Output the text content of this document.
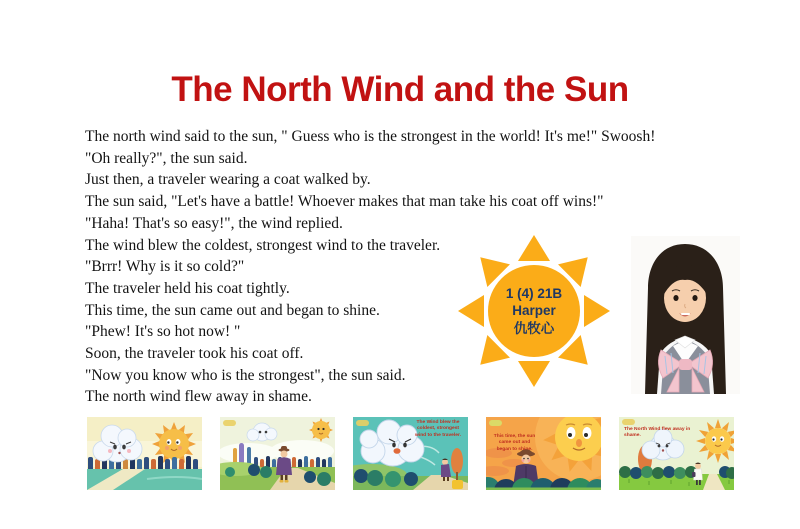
The North Wind and the Sun

The north wind said to the sun, " Guess who is the strongest in the world! It's me!" Swoosh!

"Oh really?", the sun said.

Just then, a traveler wearing a coat walked by.

The sun said, "Let's have a battle! Whoever makes that man take his coat off wins!"

"Haha! That's so easy!", the wind replied.

The wind blew the coldest, strongest wind to the traveler.

"Brrr! Why is it so cold?"

The traveler held his coat tightly.

This time, the sun came out and began to shine.

"Phew! It's so hot now! "

Soon, the traveler took his coat off.

"Now you know who is the strongest", the sun said.

The north wind flew away in shame.

1 (4) 21B
Harper
仇牧心
The Wind blew the coldest, strongest wind to the traveler.	This time, the sun came out and began to shine.
The North Wind flew away in shame.
